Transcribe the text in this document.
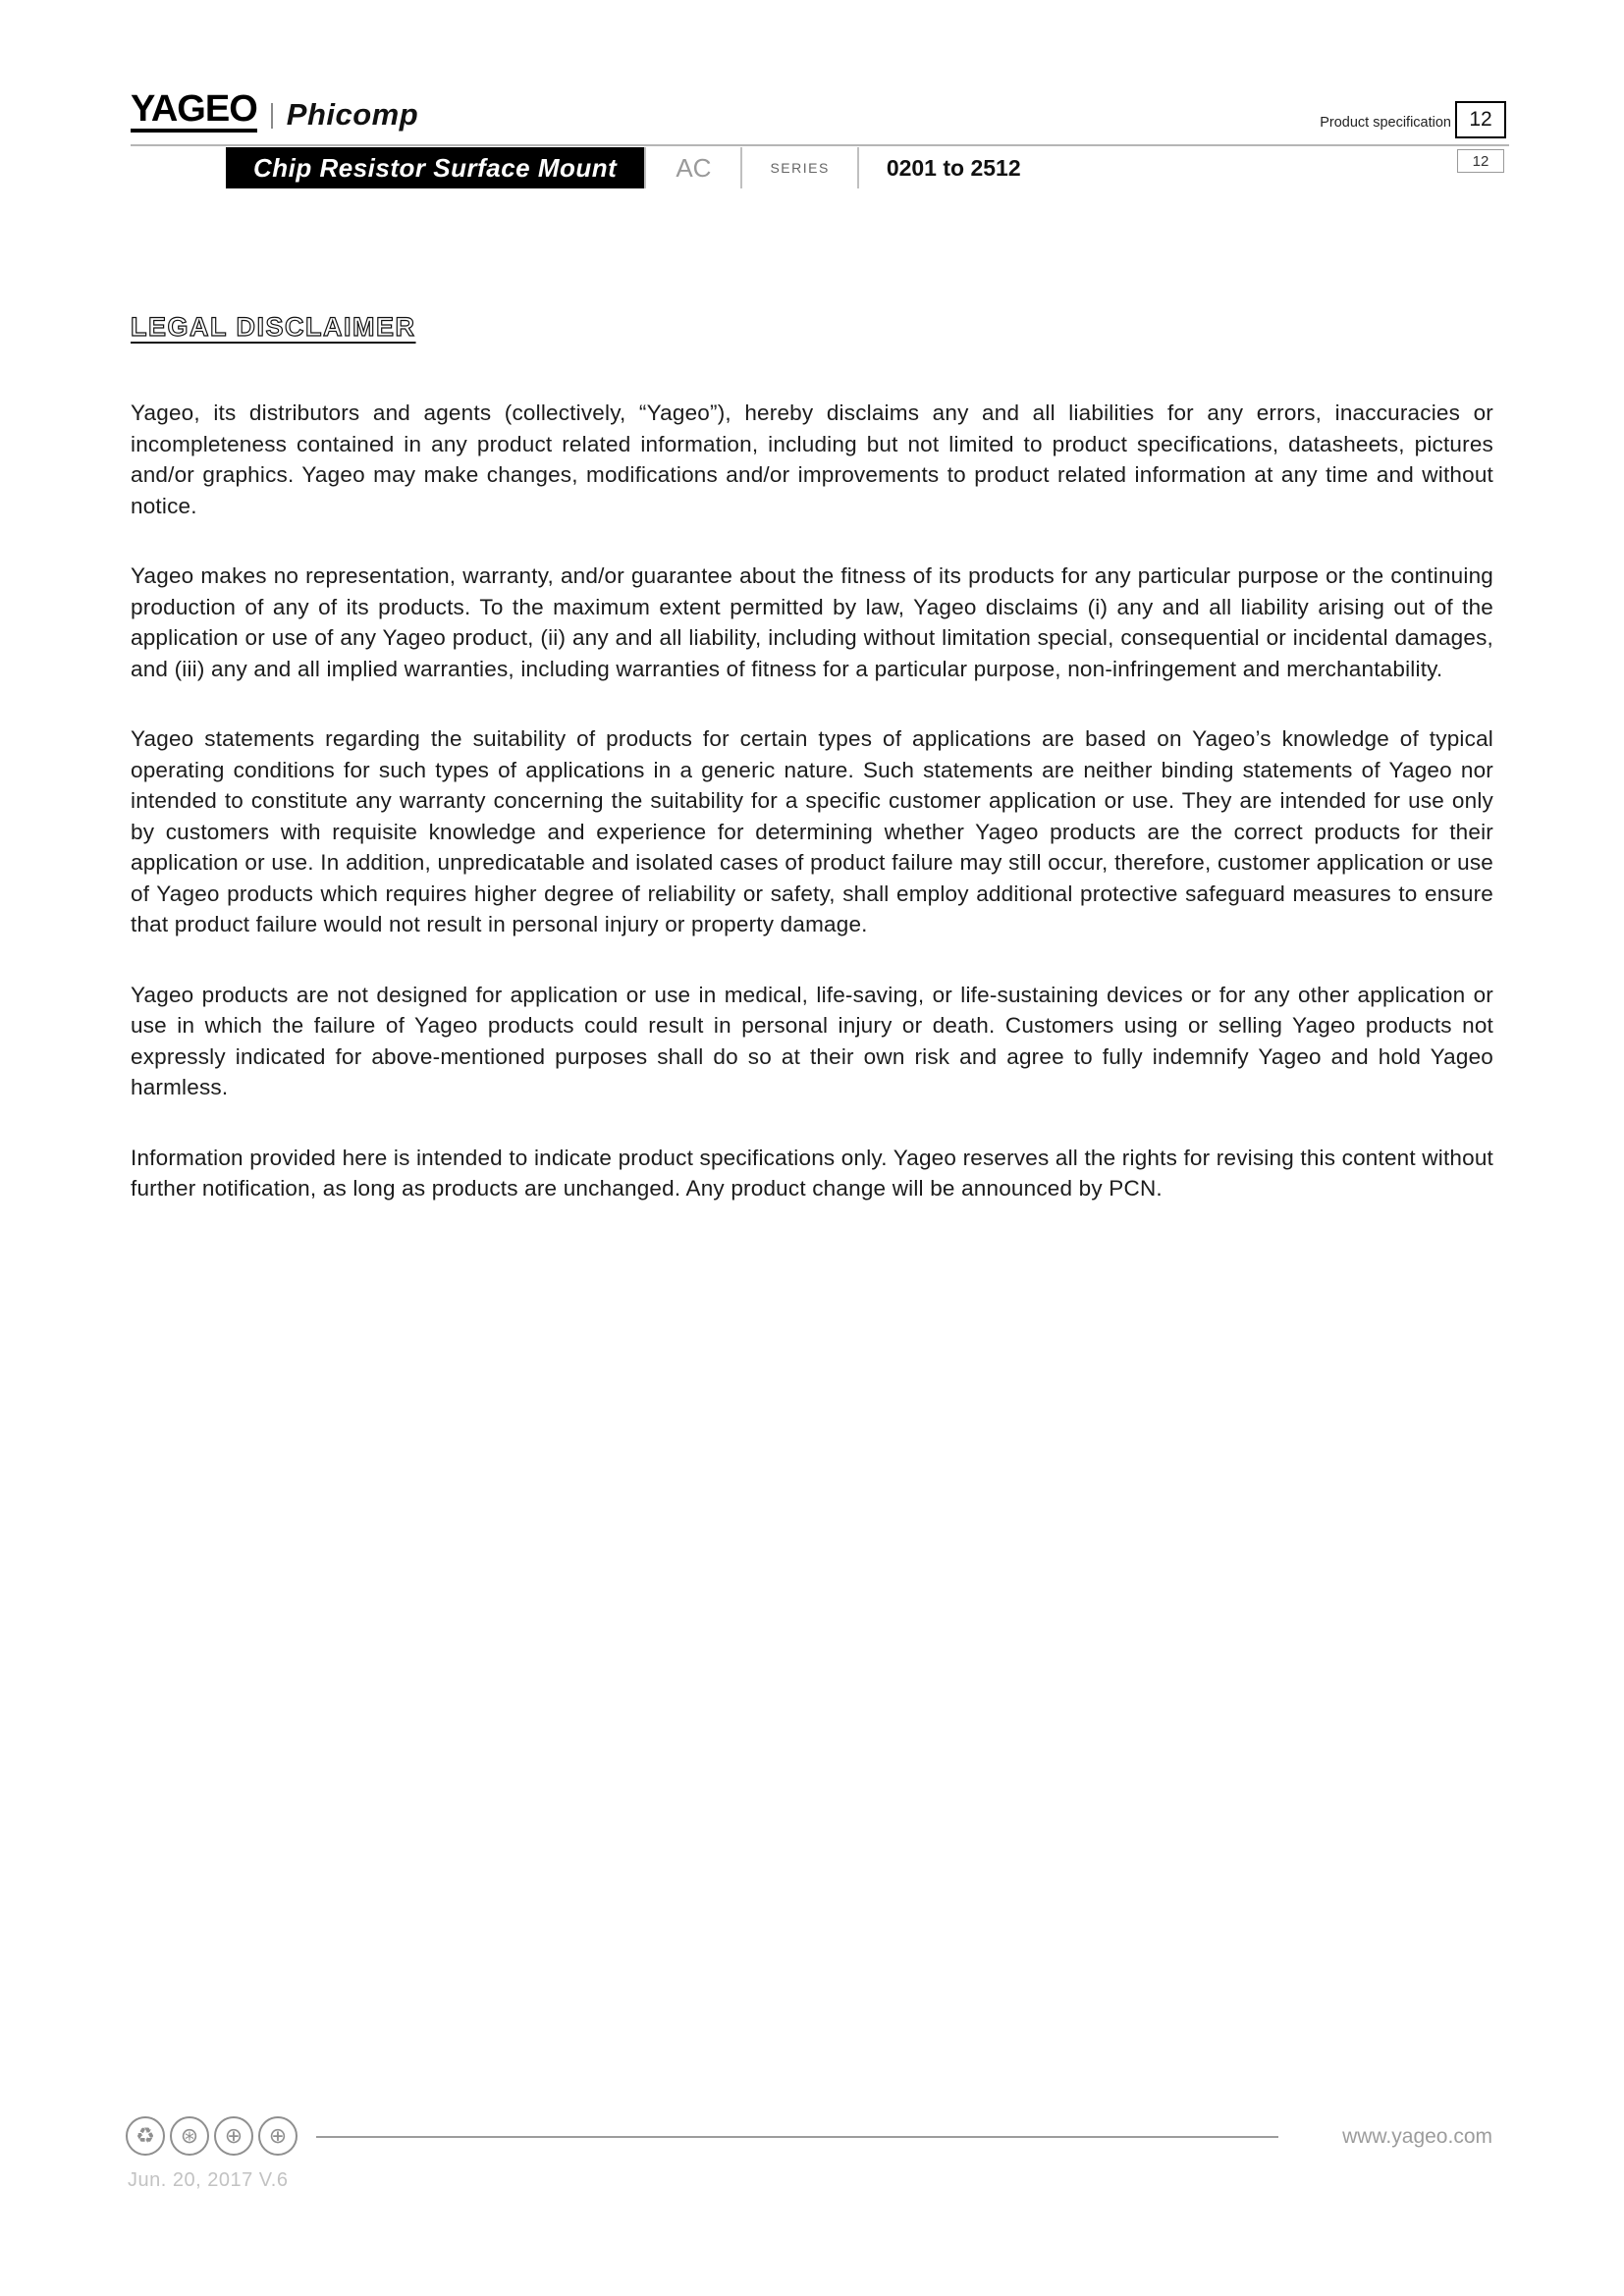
YAGEO Phicomp	Product specification 12
12
Chip Resistor Surface Mount	AC	SERIES	0201 to 2512
LEGAL DISCLAIMER

Yageo, its distributors and agents (collectively, “Yageo”), hereby disclaims any and all liabilities for any errors, inaccuracies or incompleteness contained in any product related information, including but not limited to product specifications, datasheets, pictures and/or graphics. Yageo may make changes, modifications and/or improvements to product related information at any time and without notice.

Yageo makes no representation, warranty, and/or guarantee about the fitness of its products for any particular purpose or the continuing production of any of its products. To the maximum extent permitted by law, Yageo disclaims (i) any and all liability arising out of the application or use of any Yageo product, (ii) any and all liability, including without limitation special, consequential or incidental damages, and (iii) any and all implied warranties, including warranties of fitness for a particular purpose, non-infringement and merchantability.

Yageo statements regarding the suitability of products for certain types of applications are based on Yageo’s knowledge of typical operating conditions for such types of applications in a generic nature. Such statements are neither binding statements of Yageo nor intended to constitute any warranty concerning the suitability for a specific customer application or use. They are intended for use only by customers with requisite knowledge and experience for determining whether Yageo products are the correct products for their application or use. In addition, unpredicatable and isolated cases of product failure may still occur, therefore, customer application or use of Yageo products which requires higher degree of reliability or safety, shall employ additional protective safeguard measures to ensure that product failure would not result in personal injury or property damage.

Yageo products are not designed for application or use in medical, life-saving, or life-sustaining devices or for any other application or use in which the failure of Yageo products could result in personal injury or death. Customers using or selling Yageo products not expressly indicated for above-mentioned purposes shall do so at their own risk and agree to fully indemnify Yageo and hold Yageo harmless.

Information provided here is intended to indicate product specifications only. Yageo reserves all the rights for revising this content without further notification, as long as products are unchanged. Any product change will be announced by PCN.

♻	⊛	⊕	⊕	www.yageo.com
Jun. 20, 2017 V.6
